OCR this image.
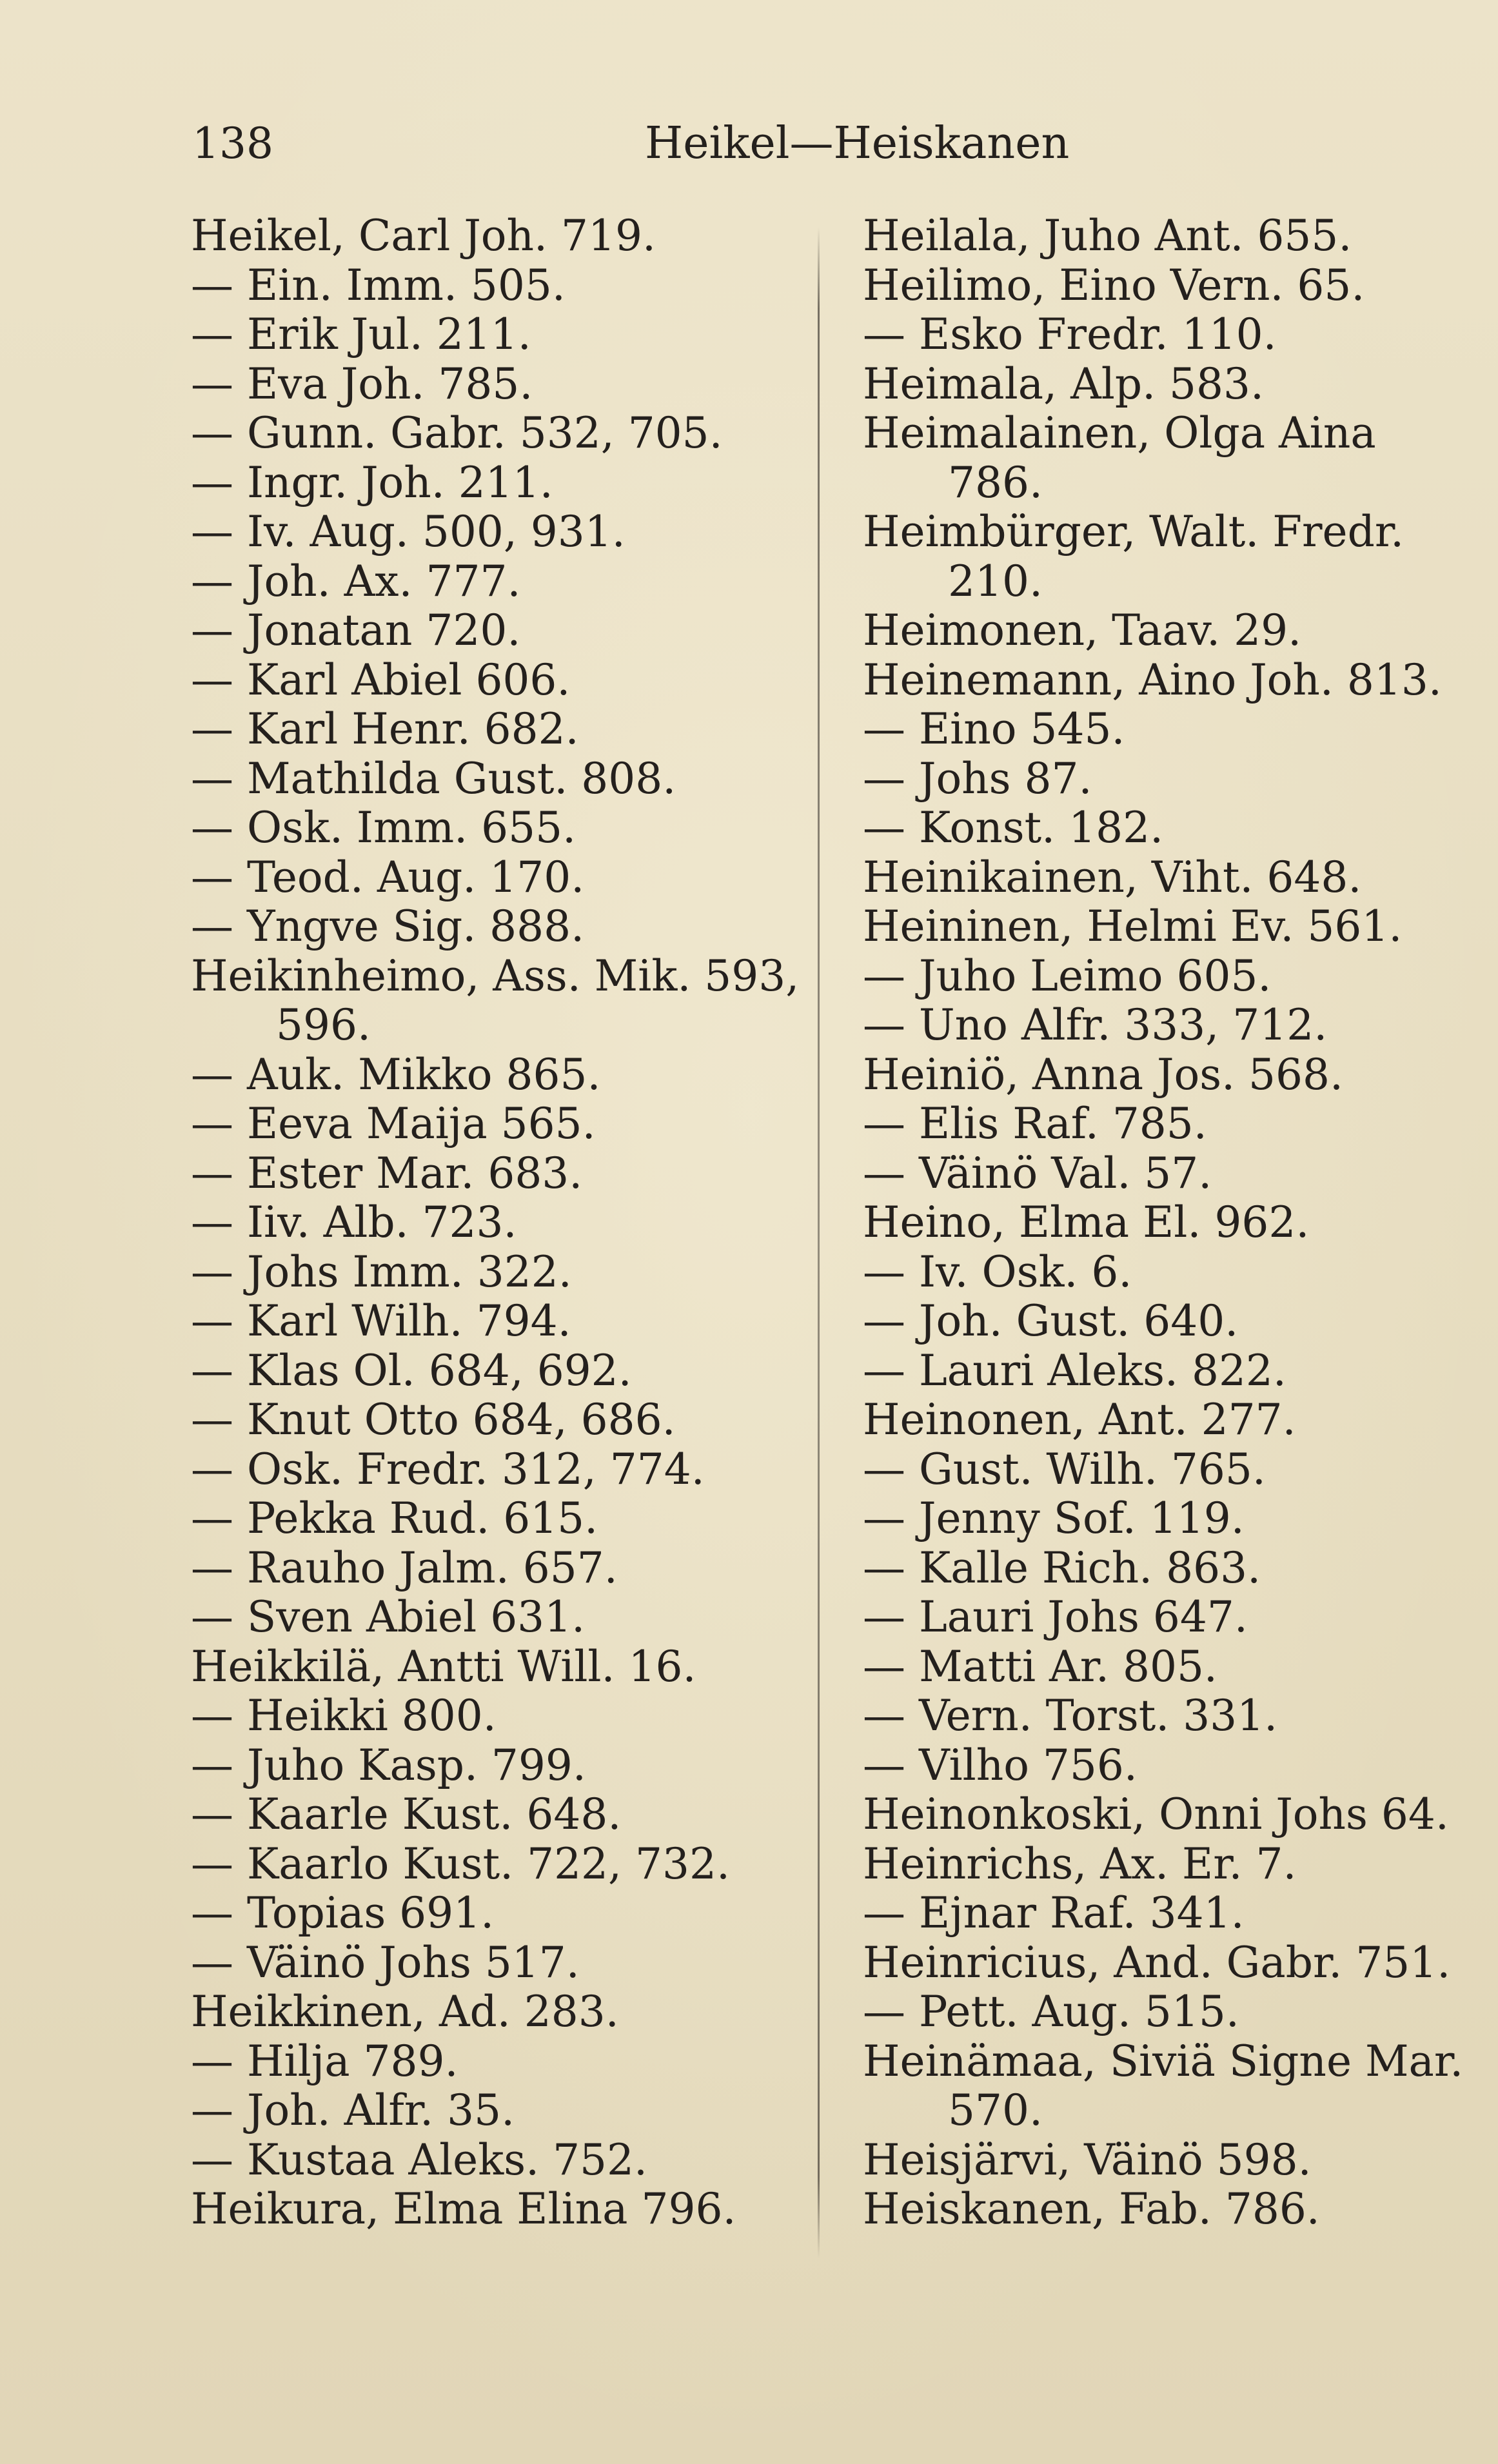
138	Heikel—Heiskanen
Heikel, Carl Joh. 719.
— Ein. Imm. 505.
— Erik Jul. 211.
— Eva Joh. 785.
— Gunn. Gabr. 532, 705.
— Ingr. Joh. 211.
— Iv. Aug. 500, 931.
— Joh. Ax. 777.
— Jonatan 720.
— Karl Abiel 606.
— Karl Henr. 682.
— Mathilda Gust. 808.
— Osk. Imm. 655.
— Teod. Aug. 170.
— Yngve Sig. 888.
Heikinheimo, Ass. Mik. 593,
596.
— Auk. Mikko 865.
— Eeva Maija 565.
— Ester Mar. 683.
— Iiv. Alb. 723.
— Johs Imm. 322.
— Karl Wilh. 794.
— Klas Ol. 684, 692.
— Knut Otto 684, 686.
— Osk. Fredr. 312, 774.
— Pekka Rud. 615.
— Rauho Jalm. 657.
— Sven Abiel 631.
Heikkilä, Antti Will. 16.
— Heikki 800.
— Juho Kasp. 799.
— Kaarle Kust. 648.
— Kaarlo Kust. 722, 732.
— Topias 691.
— Väinö Johs 517.
Heikkinen, Ad. 283.
— Hilja 789.
— Joh. Alfr. 35.
— Kustaa Aleks. 752.
Heikura, Elma Elina 796.
Heilala, Juho Ant. 655.
Heilimo, Eino Vern. 65.
— Esko Fredr. 110.
Heimala, Alp. 583.
Heimalainen, Olga Aina
786.
Heimbürger, Walt. Fredr.
210.
Heimonen, Taav. 29.
Heinemann, Aino Joh. 813.
— Eino 545.
— Johs 87.
— Konst. 182.
Heinikainen, Viht. 648.
Heininen, Helmi Ev. 561.
— Juho Leimo 605.
— Uno Alfr. 333, 712.
Heiniö, Anna Jos. 568.
— Elis Raf. 785.
— Väinö Val. 57.
Heino, Elma El. 962.
— Iv. Osk. 6.
— Joh. Gust. 640.
— Lauri Aleks. 822.
Heinonen, Ant. 277.
— Gust. Wilh. 765.
— Jenny Sof. 119.
— Kalle Rich. 863.
— Lauri Johs 647.
— Matti Ar. 805.
— Vern. Torst. 331.
— Vilho 756.
Heinonkoski, Onni Johs 64.
Heinrichs, Ax. Er. 7.
— Ejnar Raf. 341.
Heinricius, And. Gabr. 751.
— Pett. Aug. 515.
Heinämaa, Siviä Signe Mar.
570.
Heisjärvi, Väinö 598.
Heiskanen, Fab. 786.
